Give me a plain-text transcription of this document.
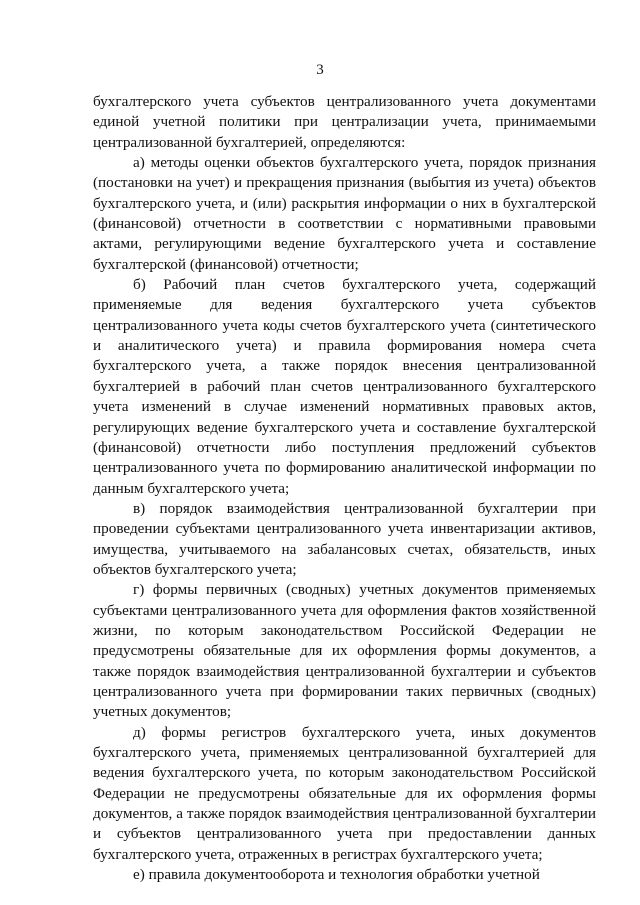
3

бухгалтерского учета субъектов централизованного учета документами единой учетной политики при централизации учета, принимаемыми централизованной бухгалтерией, определяются:

а) методы оценки объектов бухгалтерского учета, порядок признания (постановки на учет) и прекращения признания (выбытия из учета) объектов бухгалтерского учета, и (или) раскрытия информации о них в бухгалтерской (финансовой) отчетности в соответствии с нормативными правовыми актами, регулирующими ведение бухгалтерского учета и составление бухгалтерской (финансовой) отчетности;

б) Рабочий план счетов бухгалтерского учета, содержащий применяемые для ведения бухгалтерского учета субъектов централизованного учета коды счетов бухгалтерского учета (синтетического и аналитического учета) и правила формирования номера счета бухгалтерского учета, а также порядок внесения централизованной бухгалтерией в рабочий план счетов централизованного бухгалтерского учета изменений в случае изменений нормативных правовых актов, регулирующих ведение бухгалтерского учета и составление бухгалтерской (финансовой) отчетности либо поступления предложений субъектов централизованного учета по формированию аналитической информации по данным бухгалтерского учета;

в) порядок взаимодействия централизованной бухгалтерии при проведении субъектами централизованного учета инвентаризации активов, имущества, учитываемого на забалансовых счетах, обязательств, иных объектов бухгалтерского учета;

г) формы первичных (сводных) учетных документов применяемых субъектами централизованного учета для оформления фактов хозяйственной жизни, по которым законодательством Российской Федерации не предусмотрены обязательные для их оформления формы документов, а также порядок взаимодействия централизованной бухгалтерии и субъектов централизованного учета при формировании таких первичных (сводных) учетных документов;

д) формы регистров бухгалтерского учета, иных документов бухгалтерского учета, применяемых централизованной бухгалтерией для ведения бухгалтерского учета, по которым законодательством Российской Федерации не предусмотрены обязательные для их оформления формы документов, а также порядок взаимодействия централизованной бухгалтерии и субъектов централизованного учета при предоставлении данных бухгалтерского учета, отраженных в регистрах бухгалтерского учета;

е) правила документооборота и технология обработки учетной
